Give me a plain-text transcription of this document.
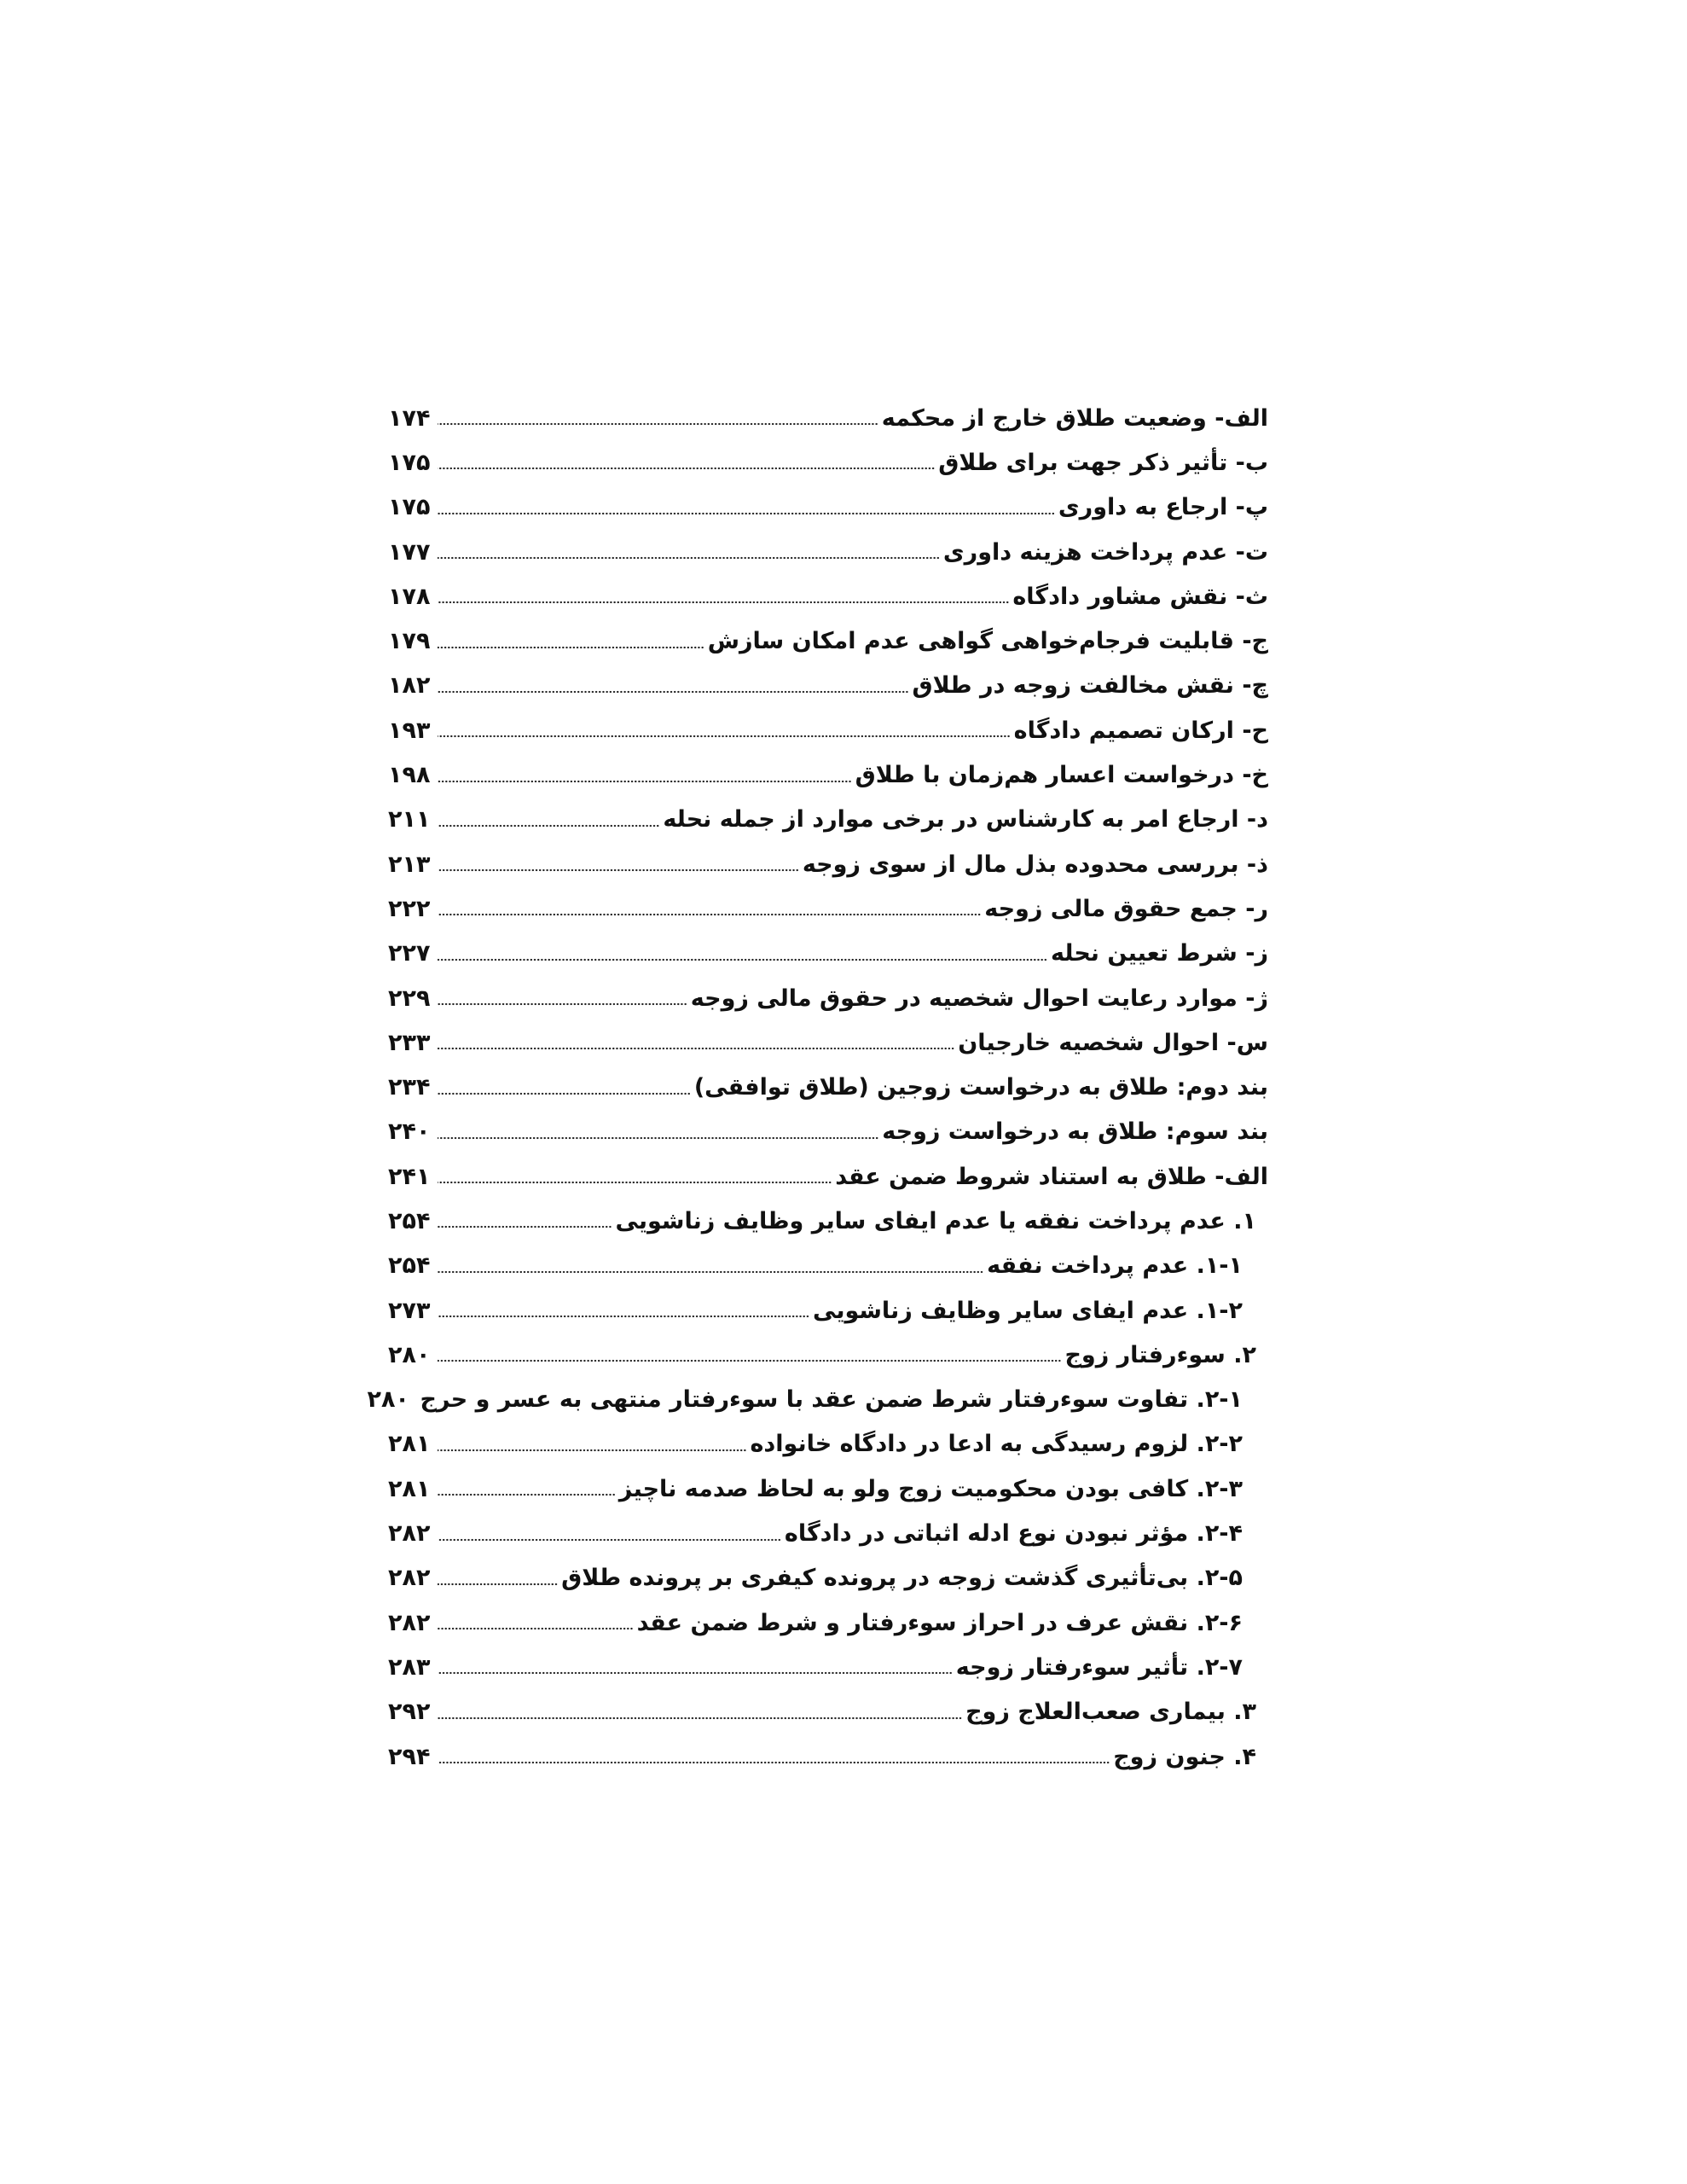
الف- وضعیت طلاق خارج از محکمه
۱۷۴
ب- تأثیر ذکر جهت برای طلاق
۱۷۵
پ- ارجاع به داوری
۱۷۵
ت- عدم پرداخت هزینه داوری
۱۷۷
ث- نقش مشاور دادگاه
۱۷۸
ج- قابلیت فرجام‌خواهی گواهی عدم امکان سازش
۱۷۹
چ- نقش مخالفت زوجه در طلاق
۱۸۲
ح- ارکان تصمیم دادگاه
۱۹۳
خ- درخواست اعسار هم‌زمان با طلاق
۱۹۸
د- ارجاع امر به کارشناس در برخی موارد از جمله نحله
۲۱۱
ذ- بررسی محدوده بذل مال از سوی زوجه
۲۱۳
ر- جمع حقوق مالی زوجه
۲۲۲
ز- شرط تعیین نحله
۲۲۷
ژ- موارد رعایت احوال شخصیه در حقوق مالی زوجه
۲۲۹
س- احوال شخصیه خارجیان
۲۳۳
بند دوم: طلاق به درخواست زوجین (طلاق توافقی)
۲۳۴
بند سوم: طلاق به درخواست زوجه
۲۴۰
الف- طلاق به استناد شروط ضمن عقد
۲۴۱
۱. عدم پرداخت نفقه یا عدم ایفای سایر وظایف زناشویی
۲۵۴
۱-۱. عدم پرداخت نفقه
۲۵۴
۱-۲. عدم ایفای سایر وظایف زناشویی
۲۷۳
۲. سوء‌رفتار زوج
۲۸۰
۲-۱. تفاوت سوء‌رفتار شرط ضمن عقد با سوء‌رفتار منتهی به عسر و حرج
۲۸۰
۲-۲. لزوم رسیدگی به ادعا در دادگاه خانواده
۲۸۱
۲-۳. کافی بودن محکومیت زوج ولو به لحاظ صدمه ناچیز
۲۸۱
۲-۴. مؤثر نبودن نوع ادله اثباتی در دادگاه
۲۸۲
۲-۵. بی‌تأثیری گذشت زوجه در پرونده کیفری بر پرونده طلاق
۲۸۲
۲-۶. نقش عرف در احراز سوء‌رفتار و شرط ضمن عقد
۲۸۲
۲-۷. تأثیر سوء‌رفتار زوجه
۲۸۳
۳. بیماری صعب‌العلاج زوج
۲۹۲
۴. جنون زوج
۲۹۴
